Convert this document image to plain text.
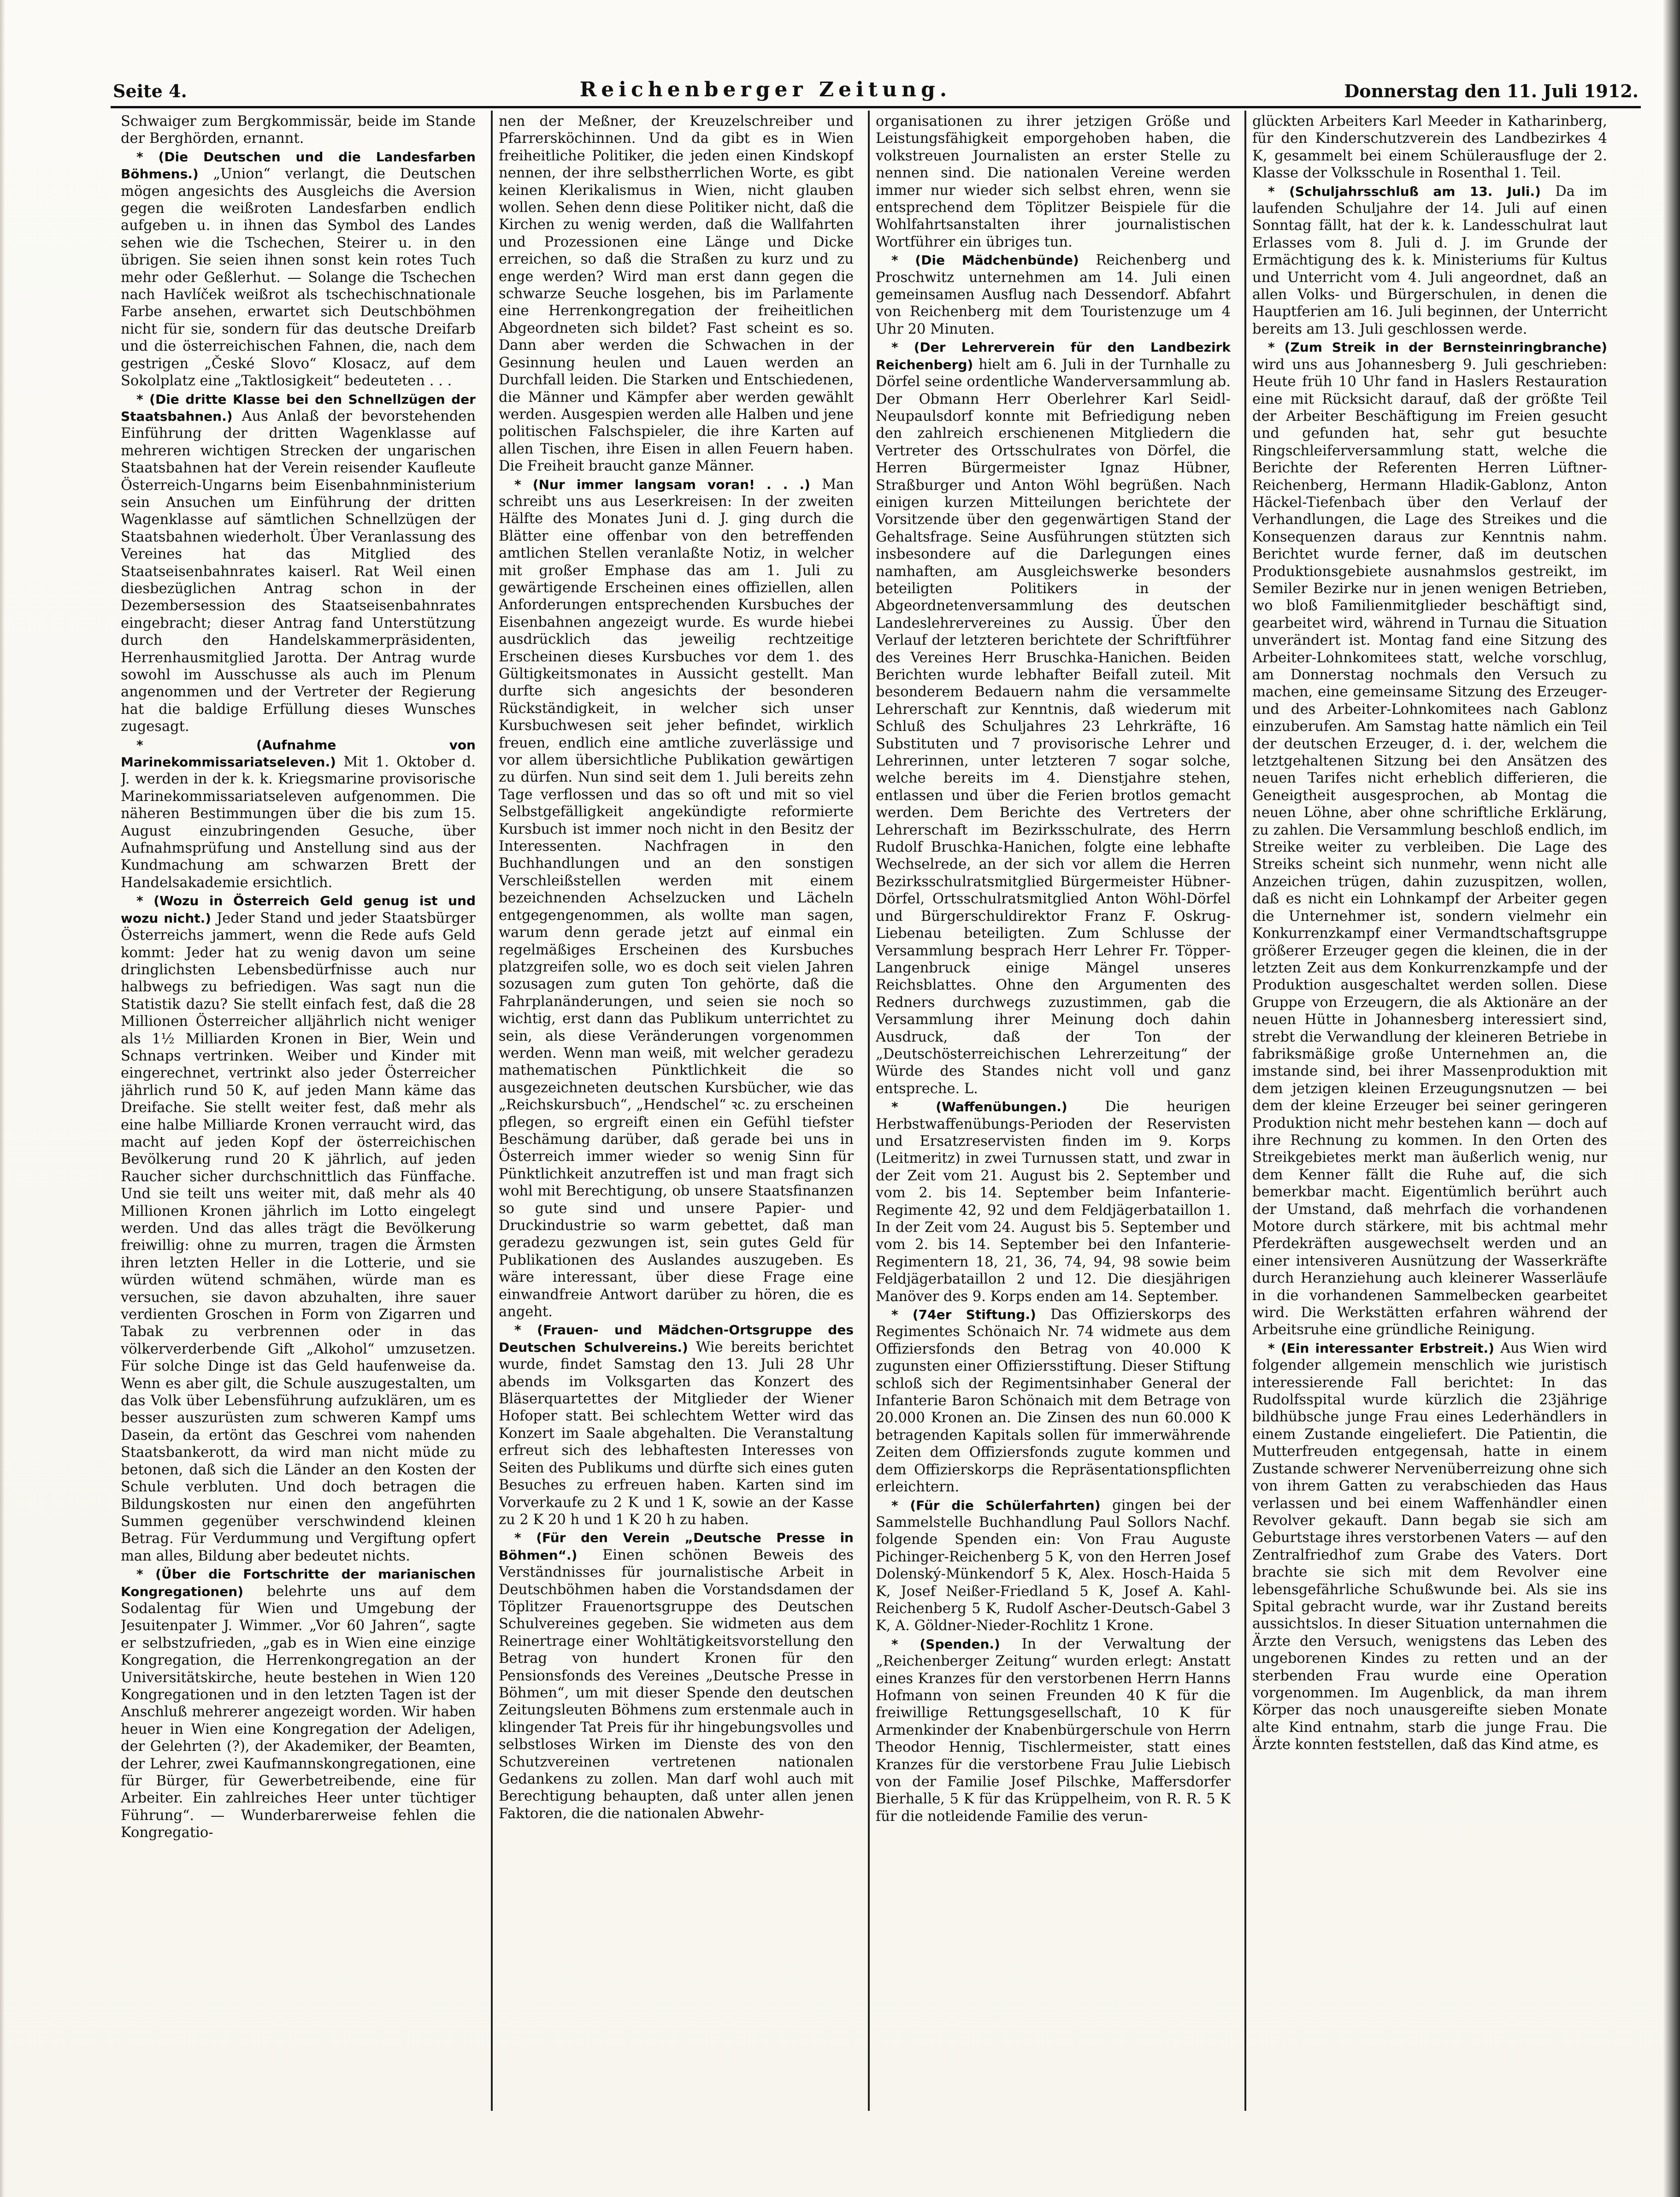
Seite 4.	Reichenberger Zeitung.	Donnerstag den 11. Juli 1912.

Schwaiger zum Bergkommissär, beide im Stande der Berghörden, ernannt.

* (Die Deutschen und die Landesfarben Böhmens.) „Union“ verlangt, die Deutschen mögen angesichts des Ausgleichs die Aversion gegen die weißroten Landesfarben endlich aufgeben u. in ihnen das Symbol des Landes sehen wie die Tschechen, Steirer u. in den übrigen. Sie seien ihnen sonst kein rotes Tuch mehr oder Geßlerhut. — Solange die Tschechen nach Havlíček weißrot als tschechischnationale Farbe ansehen, erwartet sich Deutschböhmen nicht für sie, sondern für das deutsche Dreifarb und die österreichischen Fahnen, die, nach dem gestrigen „České Slovo“ Klosacz, auf dem Sokolplatz eine „Taktlosigkeit“ bedeuteten . . .

* (Die dritte Klasse bei den Schnellzügen der Staatsbahnen.) Aus Anlaß der bevorstehenden Einführung der dritten Wagenklasse auf mehreren wichtigen Strecken der ungarischen Staatsbahnen hat der Verein reisender Kaufleute Österreich-Ungarns beim Eisenbahnministerium sein Ansuchen um Einführung der dritten Wagenklasse auf sämtlichen Schnellzügen der Staatsbahnen wiederholt. Über Veranlassung des Vereines hat das Mitglied des Staatseisenbahnrates kaiserl. Rat Weil einen diesbezüglichen Antrag schon in der Dezembersession des Staatseisenbahnrates eingebracht; dieser Antrag fand Unterstützung durch den Handelskammerpräsidenten, Herrenhausmitglied Jarotta. Der Antrag wurde sowohl im Ausschusse als auch im Plenum angenommen und der Vertreter der Regierung hat die baldige Erfüllung dieses Wunsches zugesagt.

* (Aufnahme von Marinekommissariatseleven.) Mit 1. Oktober d. J. werden in der k. k. Kriegsmarine provisorische Marinekommissariatseleven aufgenommen. Die näheren Bestimmungen über die bis zum 15. August einzubringenden Gesuche, über Aufnahmsprüfung und Anstellung sind aus der Kundmachung am schwarzen Brett der Handelsakademie ersichtlich.

* (Wozu in Österreich Geld genug ist und wozu nicht.) Jeder Stand und jeder Staatsbürger Österreichs jammert, wenn die Rede aufs Geld kommt: Jeder hat zu wenig davon um seine dringlichsten Lebensbedürfnisse auch nur halbwegs zu befriedigen. Was sagt nun die Statistik dazu? Sie stellt einfach fest, daß die 28 Millionen Österreicher alljährlich nicht weniger als 1½ Milliarden Kronen in Bier, Wein und Schnaps vertrinken. Weiber und Kinder mit eingerechnet, vertrinkt also jeder Österreicher jährlich rund 50 K, auf jeden Mann käme das Dreifache. Sie stellt weiter fest, daß mehr als eine halbe Milliarde Kronen verraucht wird, das macht auf jeden Kopf der österreichischen Bevölkerung rund 20 K jährlich, auf jeden Raucher sicher durchschnittlich das Fünffache. Und sie teilt uns weiter mit, daß mehr als 40 Millionen Kronen jährlich im Lotto eingelegt werden. Und das alles trägt die Bevölkerung freiwillig: ohne zu murren, tragen die Ärmsten ihren letzten Heller in die Lotterie, und sie würden wütend schmähen, würde man es versuchen, sie davon abzuhalten, ihre sauer verdienten Groschen in Form von Zigarren und Tabak zu verbrennen oder in das völkerverderbende Gift „Alkohol“ umzusetzen. Für solche Dinge ist das Geld haufenweise da. Wenn es aber gilt, die Schule auszugestalten, um das Volk über Lebensführung aufzuklären, um es besser auszurüsten zum schweren Kampf ums Dasein, da ertönt das Geschrei vom nahenden Staatsbankerott, da wird man nicht müde zu betonen, daß sich die Länder an den Kosten der Schule verbluten. Und doch betragen die Bildungskosten nur einen den angeführten Summen gegenüber verschwindend kleinen Betrag. Für Verdummung und Vergiftung opfert man alles, Bildung aber bedeutet nichts.

* (Über die Fortschritte der marianischen Kongregationen) belehrte uns auf dem Sodalentag für Wien und Umgebung der Jesuitenpater J. Wimmer. „Vor 60 Jahren“, sagte er selbstzufrieden, „gab es in Wien eine einzige Kongregation, die Herrenkongregation an der Universitätskirche, heute bestehen in Wien 120 Kongregationen und in den letzten Tagen ist der Anschluß mehrerer angezeigt worden. Wir haben heuer in Wien eine Kongregation der Adeligen, der Gelehrten (?), der Akademiker, der Beamten, der Lehrer, zwei Kaufmannskongregationen, eine für Bürger, für Gewerbetreibende, eine für Arbeiter. Ein zahlreiches Heer unter tüchtiger Führung“. — Wunderbarerweise fehlen die Kongregatio-

nen der Meßner, der Kreuzelschreiber und Pfarrersköchinnen. Und da gibt es in Wien freiheitliche Politiker, die jeden einen Kindskopf nennen, der ihre selbstherrlichen Worte, es gibt keinen Klerikalismus in Wien, nicht glauben wollen. Sehen denn diese Politiker nicht, daß die Kirchen zu wenig werden, daß die Wallfahrten und Prozessionen eine Länge und Dicke erreichen, so daß die Straßen zu kurz und zu enge werden? Wird man erst dann gegen die schwarze Seuche losgehen, bis im Parlamente eine Herrenkongregation der freiheitlichen Abgeordneten sich bildet? Fast scheint es so. Dann aber werden die Schwachen in der Gesinnung heulen und Lauen werden an Durchfall leiden. Die Starken und Entschiedenen, die Männer und Kämpfer aber werden gewählt werden. Ausgespien werden alle Halben und jene politischen Falschspieler, die ihre Karten auf allen Tischen, ihre Eisen in allen Feuern haben. Die Freiheit braucht ganze Männer.

* (Nur immer langsam voran! . . .) Man schreibt uns aus Leserkreisen: In der zweiten Hälfte des Monates Juni d. J. ging durch die Blätter eine offenbar von den betreffenden amtlichen Stellen veranlaßte Notiz, in welcher mit großer Emphase das am 1. Juli zu gewärtigende Erscheinen eines offiziellen, allen Anforderungen entsprechenden Kursbuches der Eisenbahnen angezeigt wurde. Es wurde hiebei ausdrücklich das jeweilig rechtzeitige Erscheinen dieses Kursbuches vor dem 1. des Gültigkeitsmonates in Aussicht gestellt. Man durfte sich angesichts der besonderen Rückständigkeit, in welcher sich unser Kursbuchwesen seit jeher befindet, wirklich freuen, endlich eine amtliche zuverlässige und vor allem übersichtliche Publikation gewärtigen zu dürfen. Nun sind seit dem 1. Juli bereits zehn Tage verflossen und das so oft und mit so viel Selbstgefälligkeit angekündigte reformierte Kursbuch ist immer noch nicht in den Besitz der Interessenten. Nachfragen in den Buchhandlungen und an den sonstigen Verschleißstellen werden mit einem bezeichnenden Achselzucken und Lächeln entgegengenommen, als wollte man sagen, warum denn gerade jetzt auf einmal ein regelmäßiges Erscheinen des Kursbuches platzgreifen solle, wo es doch seit vielen Jahren sozusagen zum guten Ton gehörte, daß die Fahrplanänderungen, und seien sie noch so wichtig, erst dann das Publikum unterrichtet zu sein, als diese Veränderungen vorgenommen werden. Wenn man weiß, mit welcher geradezu mathematischen Pünktlichkeit die so ausgezeichneten deutschen Kursbücher, wie das „Reichskursbuch“, „Hendschel“ ꝛc. zu erscheinen pflegen, so ergreift einen ein Gefühl tiefster Beschämung darüber, daß gerade bei uns in Österreich immer wieder so wenig Sinn für Pünktlichkeit anzutreffen ist und man fragt sich wohl mit Berechtigung, ob unsere Staatsfinanzen so gute sind und unsere Papier- und Druckindustrie so warm gebettet, daß man geradezu gezwungen ist, sein gutes Geld für Publikationen des Auslandes auszugeben. Es wäre interessant, über diese Frage eine einwandfreie Antwort darüber zu hören, die es angeht.

* (Frauen- und Mädchen-Ortsgruppe des Deutschen Schulvereins.) Wie bereits berichtet wurde, findet Samstag den 13. Juli 28 Uhr abends im Volksgarten das Konzert des Bläserquartettes der Mitglieder der Wiener Hofoper statt. Bei schlechtem Wetter wird das Konzert im Saale abgehalten. Die Veranstaltung erfreut sich des lebhaftesten Interesses von Seiten des Publikums und dürfte sich eines guten Besuches zu erfreuen haben. Karten sind im Vorverkaufe zu 2 K und 1 K, sowie an der Kasse zu 2 K 20 h und 1 K 20 h zu haben.

* (Für den Verein „Deutsche Presse in Böhmen“.) Einen schönen Beweis des Verständnisses für journalistische Arbeit in Deutschböhmen haben die Vorstandsdamen der Töplitzer Frauenortsgruppe des Deutschen Schulvereines gegeben. Sie widmeten aus dem Reinertrage einer Wohltätigkeitsvorstellung den Betrag von hundert Kronen für den Pensionsfonds des Vereines „Deutsche Presse in Böhmen“, um mit dieser Spende den deutschen Zeitungsleuten Böhmens zum erstenmale auch in klingender Tat Preis für ihr hingebungsvolles und selbstloses Wirken im Dienste des von den Schutzvereinen vertretenen nationalen Gedankens zu zollen. Man darf wohl auch mit Berechtigung behaupten, daß unter allen jenen Faktoren, die die nationalen Abwehr-

organisationen zu ihrer jetzigen Größe und Leistungsfähigkeit emporgehoben haben, die volkstreuen Journalisten an erster Stelle zu nennen sind. Die nationalen Vereine werden immer nur wieder sich selbst ehren, wenn sie entsprechend dem Töplitzer Beispiele für die Wohlfahrtsanstalten ihrer journalistischen Wortführer ein übriges tun.

* (Die Mädchenbünde) Reichenberg und Proschwitz unternehmen am 14. Juli einen gemeinsamen Ausflug nach Dessendorf. Abfahrt von Reichenberg mit dem Touristenzuge um 4 Uhr 20 Minuten.

* (Der Lehrerverein für den Landbezirk Reichenberg) hielt am 6. Juli in der Turnhalle zu Dörfel seine ordentliche Wanderversammlung ab. Der Obmann Herr Oberlehrer Karl Seidl-Neupaulsdorf konnte mit Befriedigung neben den zahlreich erschienenen Mitgliedern die Vertreter des Ortsschulrates von Dörfel, die Herren Bürgermeister Ignaz Hübner, Straßburger und Anton Wöhl begrüßen. Nach einigen kurzen Mitteilungen berichtete der Vorsitzende über den gegenwärtigen Stand der Gehaltsfrage. Seine Ausführungen stützten sich insbesondere auf die Darlegungen eines namhaften, am Ausgleichswerke besonders beteiligten Politikers in der Abgeordnetenversammlung des deutschen Landeslehrervereines zu Aussig. Über den Verlauf der letzteren berichtete der Schriftführer des Vereines Herr Bruschka-Hanichen. Beiden Berichten wurde lebhafter Beifall zuteil. Mit besonderem Bedauern nahm die versammelte Lehrerschaft zur Kenntnis, daß wiederum mit Schluß des Schuljahres 23 Lehrkräfte, 16 Substituten und 7 provisorische Lehrer und Lehrerinnen, unter letzteren 7 sogar solche, welche bereits im 4. Dienstjahre stehen, entlassen und über die Ferien brotlos gemacht werden. Dem Berichte des Vertreters der Lehrerschaft im Bezirksschulrate, des Herrn Rudolf Bruschka-Hanichen, folgte eine lebhafte Wechselrede, an der sich vor allem die Herren Bezirksschulratsmitglied Bürgermeister Hübner-Dörfel, Ortsschulratsmitglied Anton Wöhl-Dörfel und Bürgerschuldirektor Franz F. Oskrug-Liebenau beteiligten. Zum Schlusse der Versammlung besprach Herr Lehrer Fr. Töpper-Langenbruck einige Mängel unseres Reichsblattes. Ohne den Argumenten des Redners durchwegs zuzustimmen, gab die Versammlung ihrer Meinung doch dahin Ausdruck, daß der Ton der „Deutschösterreichischen Lehrerzeitung“ der Würde des Standes nicht voll und ganz entspreche. L.

* (Waffenübungen.)	Die heurigen Herbstwaffenübungs-Perioden der Reservisten und Ersatzreservisten finden im 9. Korps (Leitmeritz) in zwei Turnussen statt, und zwar in der Zeit vom 21. August bis 2. September und vom 2. bis 14. September beim Infanterie-Regimente 42, 92 und dem Feldjägerbataillon 1. In der Zeit vom 24. August bis 5. September und vom 2. bis 14. September bei den Infanterie-Regimentern 18, 21, 36, 74, 94, 98 sowie beim Feldjägerbataillon 2 und 12. Die diesjährigen Manöver des 9. Korps enden am 14. September.

* (74er Stiftung.) Das Offizierskorps des Regimentes Schönaich Nr. 74 widmete aus dem Offiziersfonds den Betrag von 40.000 K zugunsten einer Offiziersstiftung. Dieser Stiftung schloß sich der Regimentsinhaber General der Infanterie Baron Schönaich mit dem Betrage von 20.000 Kronen an. Die Zinsen des nun 60.000 K betragenden Kapitals sollen für immerwährende Zeiten dem Offiziersfonds zugute kommen und dem Offizierskorps die Repräsentationspflichten erleichtern.

* (Für die Schülerfahrten) gingen bei der Sammelstelle Buchhandlung Paul Sollors Nachf. folgende Spenden ein: Von Frau Auguste Pichinger-Reichenberg 5 K, von den Herren Josef Dolenský-Münkendorf 5 K, Alex. Hosch-Haida 5 K, Josef Neißer-Friedland 5 K, Josef A. Kahl-Reichenberg 5 K, Rudolf Ascher-Deutsch-Gabel 3 K, A. Göldner-Nieder-Rochlitz 1 Krone.

* (Spenden.) In der Verwaltung der „Reichenberger Zeitung“ wurden erlegt: Anstatt eines Kranzes für den verstorbenen Herrn Hanns Hofmann von seinen Freunden 40 K für die freiwillige Rettungsgesellschaft, 10 K für Armenkinder der Knabenbürgerschule von Herrn Theodor Hennig, Tischlermeister, statt eines Kranzes für die verstorbene Frau Julie Liebisch von der Familie Josef Pilschke, Maffersdorfer Bierhalle, 5 K für das Krüppelheim, von R. R. 5 K für die notleidende Familie des verun-

glückten Arbeiters Karl Meeder in Katharinberg, für den Kinderschutzverein des Landbezirkes 4 K, gesammelt bei einem Schülerausfluge der 2. Klasse der Volksschule in Rosenthal 1. Teil.

* (Schuljahrsschluß am 13. Juli.) Da im laufenden Schuljahre der 14. Juli auf einen Sonntag fällt, hat der k. k. Landesschulrat laut Erlasses vom 8. Juli d. J. im Grunde der Ermächtigung des k. k. Ministeriums für Kultus und Unterricht vom 4. Juli angeordnet, daß an allen Volks- und Bürgerschulen, in denen die Hauptferien am 16. Juli beginnen, der Unterricht bereits am 13. Juli geschlossen werde.

* (Zum Streik in der Bernsteinringbranche) wird uns aus Johannesberg 9. Juli geschrieben: Heute früh 10 Uhr fand in Haslers Restauration eine mit Rücksicht darauf, daß der größte Teil der Arbeiter Beschäftigung im Freien gesucht und gefunden hat, sehr gut besuchte Ringschleiferversammlung statt, welche die Berichte der Referenten Herren Lüftner-Reichenberg, Hermann Hladik-Gablonz, Anton Häckel-Tiefenbach über den Verlauf der Verhandlungen, die Lage des Streikes und die Konsequenzen daraus zur Kenntnis nahm. Berichtet wurde ferner, daß im deutschen Produktionsgebiete ausnahmslos gestreikt, im Semiler Bezirke nur in jenen wenigen Betrieben, wo bloß Familienmitglieder beschäftigt sind, gearbeitet wird, während in Turnau die Situation unverändert ist. Montag fand eine Sitzung des Arbeiter-Lohnkomitees statt, welche vorschlug, am Donnerstag nochmals den Versuch zu machen, eine gemeinsame Sitzung des Erzeuger- und des Arbeiter-Lohnkomitees nach Gablonz einzuberufen. Am Samstag hatte nämlich ein Teil der deutschen Erzeuger, d. i. der, welchem die letztgehaltenen Sitzung bei den Ansätzen des neuen Tarifes nicht erheblich differieren, die Geneigtheit ausgesprochen, ab Montag die neuen Löhne, aber ohne schriftliche Erklärung, zu zahlen. Die Versammlung beschloß endlich, im Streike weiter zu verbleiben. Die Lage des Streiks scheint sich nunmehr, wenn nicht alle Anzeichen trügen, dahin zuzuspitzen, wollen, daß es nicht ein Lohnkampf der Arbeiter gegen die Unternehmer ist, sondern vielmehr ein Konkurrenzkampf einer Vermandtschaftsgruppe größerer Erzeuger gegen die kleinen, die in der letzten Zeit aus dem Konkurrenzkampfe und der Produktion ausgeschaltet werden sollen. Diese Gruppe von Erzeugern, die als Aktionäre an der neuen Hütte in Johannesberg interessiert sind, strebt die Verwandlung der kleineren Betriebe in fabriksmäßige große Unternehmen an, die imstande sind, bei ihrer Massenproduktion mit dem jetzigen kleinen Erzeugungsnutzen — bei dem der kleine Erzeuger bei seiner geringeren Produktion nicht mehr bestehen kann — doch auf ihre Rechnung zu kommen. In den Orten des Streikgebietes merkt man äußerlich wenig, nur dem Kenner fällt die Ruhe auf, die sich bemerkbar macht. Eigentümlich berührt auch der Umstand, daß mehrfach die vorhandenen Motore durch stärkere, mit bis achtmal mehr Pferdekräften ausgewechselt werden und an einer intensiveren Ausnützung der Wasserkräfte durch Heranziehung auch kleinerer Wasserläufe in die vorhandenen Sammelbecken gearbeitet wird. Die Werkstätten erfahren während der Arbeitsruhe eine gründliche Reinigung.

* (Ein interessanter Erbstreit.) Aus Wien wird folgender allgemein menschlich wie juristisch interessierende Fall berichtet: In das Rudolfsspital wurde kürzlich die 23jährige bildhübsche junge Frau eines Lederhändlers in einem Zustande eingeliefert. Die Patientin, die Mutterfreuden entgegensah, hatte in einem Zustande schwerer Nervenüberreizung ohne sich von ihrem Gatten zu verabschieden das Haus verlassen und bei einem Waffenhändler einen Revolver gekauft. Dann begab sie sich am Geburtstage ihres verstorbenen Vaters — auf den Zentralfriedhof zum Grabe des Vaters. Dort brachte sie sich mit dem Revolver eine lebensgefährliche Schußwunde bei. Als sie ins Spital gebracht wurde, war ihr Zustand bereits aussichtslos. In dieser Situation unternahmen die Ärzte den Versuch, wenigstens das Leben des ungeborenen Kindes zu retten und an der sterbenden Frau wurde eine Operation vorgenommen. Im Augenblick, da man ihrem Körper das noch unausgereifte sieben Monate alte Kind entnahm, starb die junge Frau. Die Ärzte konnten feststellen, daß das Kind atme, es
